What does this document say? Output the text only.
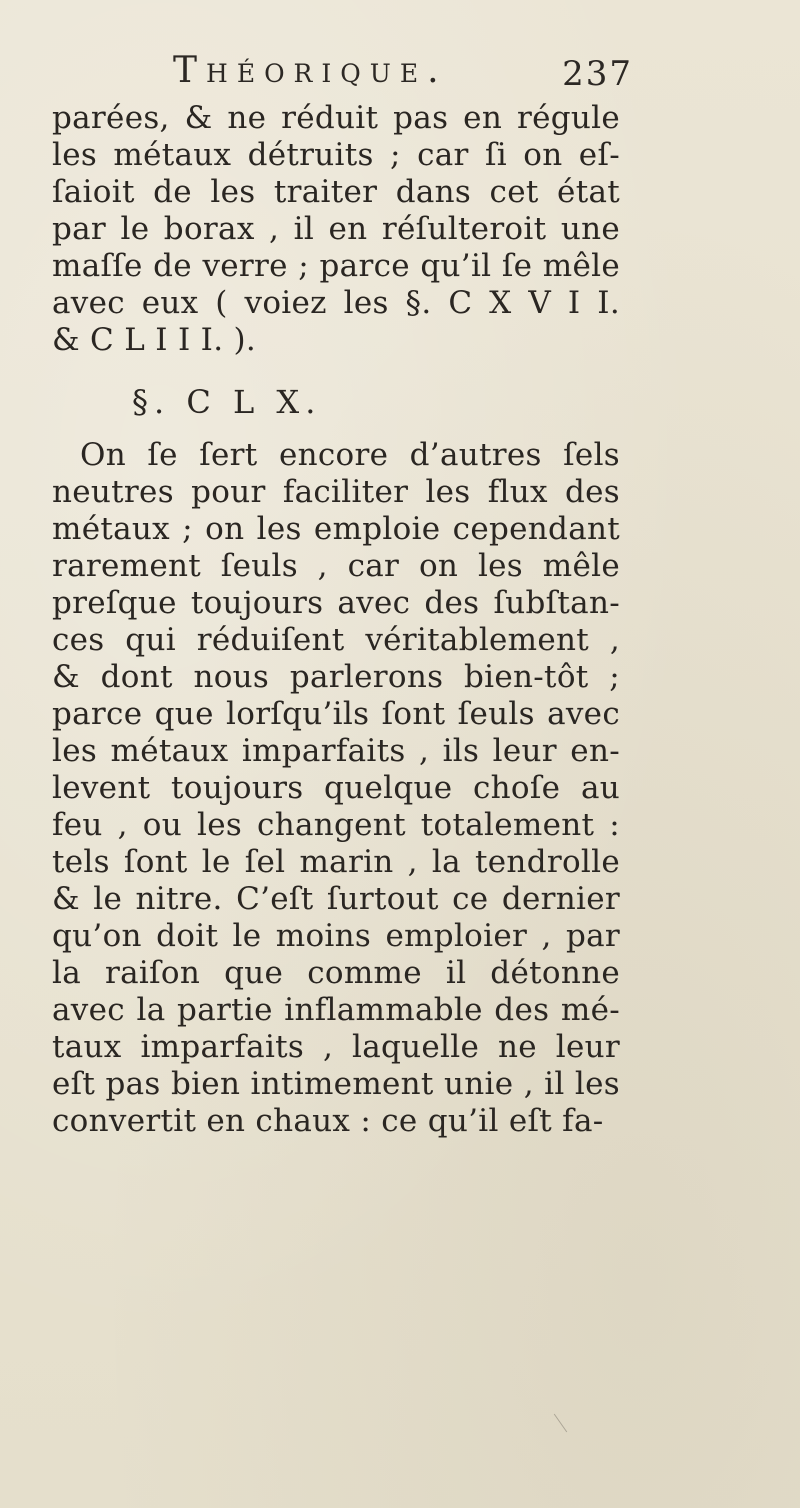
Théorique.	237
parées, & ne réduit pas en régule
les métaux détruits ; car ſi on eſ-
ſaioit de les traiter dans cet état
par le borax , il en réſulteroit une
maſſe de verre ; parce qu’il ſe mêle
avec eux ( voiez les §. C X V I I.
& C L I I I. ).
§. C L X.
On ſe ſert encore d’autres ſels
neutres pour faciliter les flux des
métaux ; on les emploie cependant
rarement ſeuls , car on les mêle
preſque toujours avec des ſubſtan-
ces qui réduiſent véritablement ,
& dont nous parlerons bien-tôt ;
parce que lorſqu’ils ſont ſeuls avec
les métaux imparfaits , ils leur en-
levent toujours quelque choſe au
feu , ou les changent totalement :
tels ſont le ſel marin , la tendrolle
& le nitre. C’eſt ſurtout ce dernier
qu’on doit le moins emploier , par
la raiſon que comme il détonne
avec la partie inflammable des mé-
taux imparfaits , laquelle ne leur
eſt pas bien intimement unie , il les
convertit en chaux : ce qu’il eſt fa-
